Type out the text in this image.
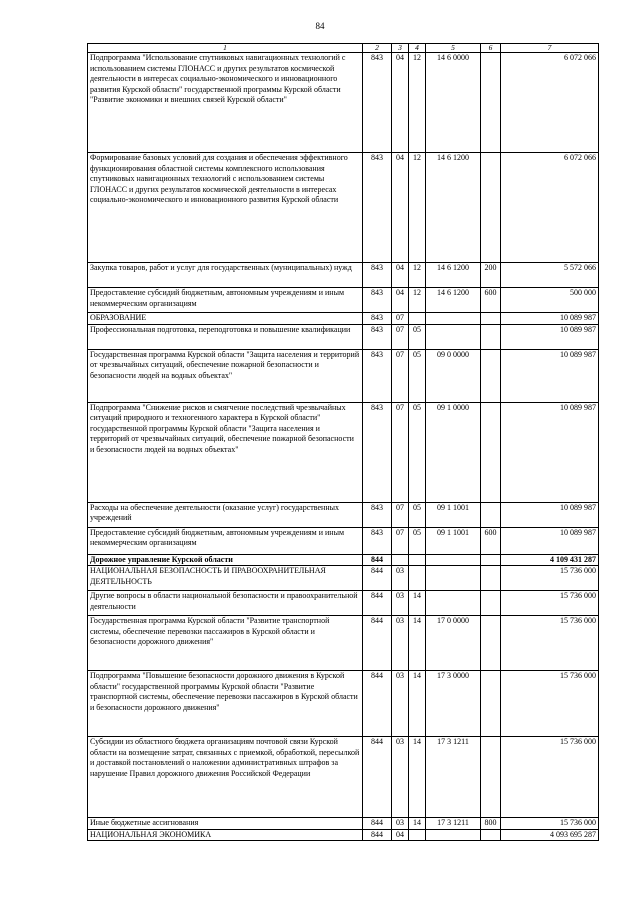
84
1	2	3	4	5	6	7
Подпрограмма "Использование спутниковых навигационных технологий с использованием системы ГЛОНАСС и других результатов космической деятельности в интересах социально-экономического и инновационного развития Курской области" государственной программы Курской области "Развитие экономики и внешних связей Курской области"	843	04	12	14 6 0000		6 072 066
Формирование базовых условий для создания и обеспечения эффективного функционирования областной системы комплексного использования спутниковых навигационных технологий с использованием системы ГЛОНАСС и других результатов космической деятельности в интересах социально-экономического и инновационного развития Курской области	843	04	12	14 6 1200		6 072 066
Закупка товаров, работ и услуг для государственных (муниципальных) нужд	843	04	12	14 6 1200	200	5 572 066
Предоставление субсидий бюджетным, автономным учреждениям и иным некоммерческим организациям	843	04	12	14 6 1200	600	500 000
ОБРАЗОВАНИЕ	843	07				10 089 987
Профессиональная подготовка, переподготовка и повышение квалификации	843	07	05			10 089 987
Государственная программа Курской области "Защита населения и территорий от чрезвычайных ситуаций, обеспечение пожарной безопасности и безопасности людей на водных объектах"	843	07	05	09 0 0000		10 089 987
Подпрограмма "Снижение рисков и смягчение последствий чрезвычайных ситуаций природного и техногенного характера в Курской области" государственной программы Курской области "Защита населения и территорий от чрезвычайных ситуаций, обеспечение пожарной безопасности и безопасности людей на водных объектах"	843	07	05	09 1 0000		10 089 987
Расходы на обеспечение деятельности (оказание услуг) государственных учреждений	843	07	05	09 1 1001		10 089 987
Предоставление субсидий бюджетным, автономным учреждениям и иным некоммерческим организациям	843	07	05	09 1 1001	600	10 089 987
Дорожное управление Курской области	844					4 109 431 287
НАЦИОНАЛЬНАЯ БЕЗОПАСНОСТЬ И ПРАВООХРАНИТЕЛЬНАЯ ДЕЯТЕЛЬНОСТЬ	844	03				15 736 000
Другие вопросы в области национальной безопасности и правоохранительной деятельности	844	03	14			15 736 000
Государственная программа Курской области "Развитие транспортной системы, обеспечение перевозки пассажиров в Курской области и безопасности дорожного движения"	844	03	14	17 0 0000		15 736 000
Подпрограмма "Повышение безопасности дорожного движения в Курской области" государственной программы Курской области "Развитие транспортной системы, обеспечение перевозки пассажиров в Курской области и безопасности дорожного движения"	844	03	14	17 3 0000		15 736 000
Субсидии из областного бюджета организациям почтовой связи Курской области на возмещение затрат, связанных с приемкой, обработкой, пересылкой и доставкой постановлений о наложении административных штрафов за нарушение Правил дорожного движения Российской Федерации	844	03	14	17 3 1211		15 736 000
Иные бюджетные ассигнования	844	03	14	17 3 1211	800	15 736 000
НАЦИОНАЛЬНАЯ ЭКОНОМИКА	844	04				4 093 695 287
